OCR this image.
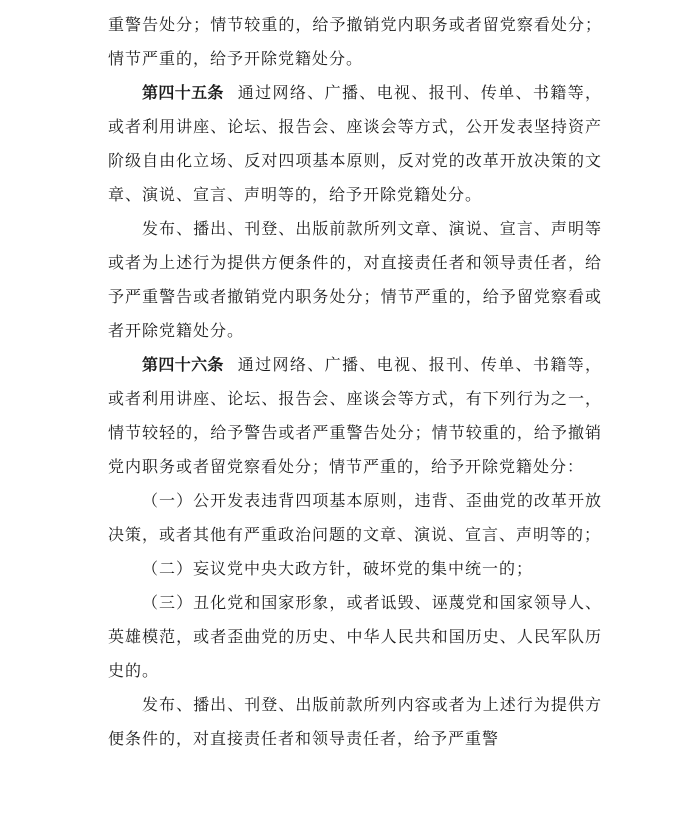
重警告处分；情节较重的，给予撤销党内职务或者留党察看处分；情节严重的，给予开除党籍处分。

第四十五条 通过网络、广播、电视、报刊、传单、书籍等，或者利用讲座、论坛、报告会、座谈会等方式，公开发表坚持资产阶级自由化立场、反对四项基本原则，反对党的改革开放决策的文章、演说、宣言、声明等的，给予开除党籍处分。

发布、播出、刊登、出版前款所列文章、演说、宣言、声明等或者为上述行为提供方便条件的，对直接责任者和领导责任者，给予严重警告或者撤销党内职务处分；情节严重的，给予留党察看或者开除党籍处分。

第四十六条 通过网络、广播、电视、报刊、传单、书籍等，或者利用讲座、论坛、报告会、座谈会等方式，有下列行为之一，情节较轻的，给予警告或者严重警告处分；情节较重的，给予撤销党内职务或者留党察看处分；情节严重的，给予开除党籍处分：

（一）公开发表违背四项基本原则，违背、歪曲党的改革开放决策，或者其他有严重政治问题的文章、演说、宣言、声明等的；

（二）妄议党中央大政方针，破坏党的集中统一的；

（三）丑化党和国家形象，或者诋毁、诬蔑党和国家领导人、英雄模范，或者歪曲党的历史、中华人民共和国历史、人民军队历史的。

发布、播出、刊登、出版前款所列内容或者为上述行为提供方便条件的，对直接责任者和领导责任者，给予严重警
